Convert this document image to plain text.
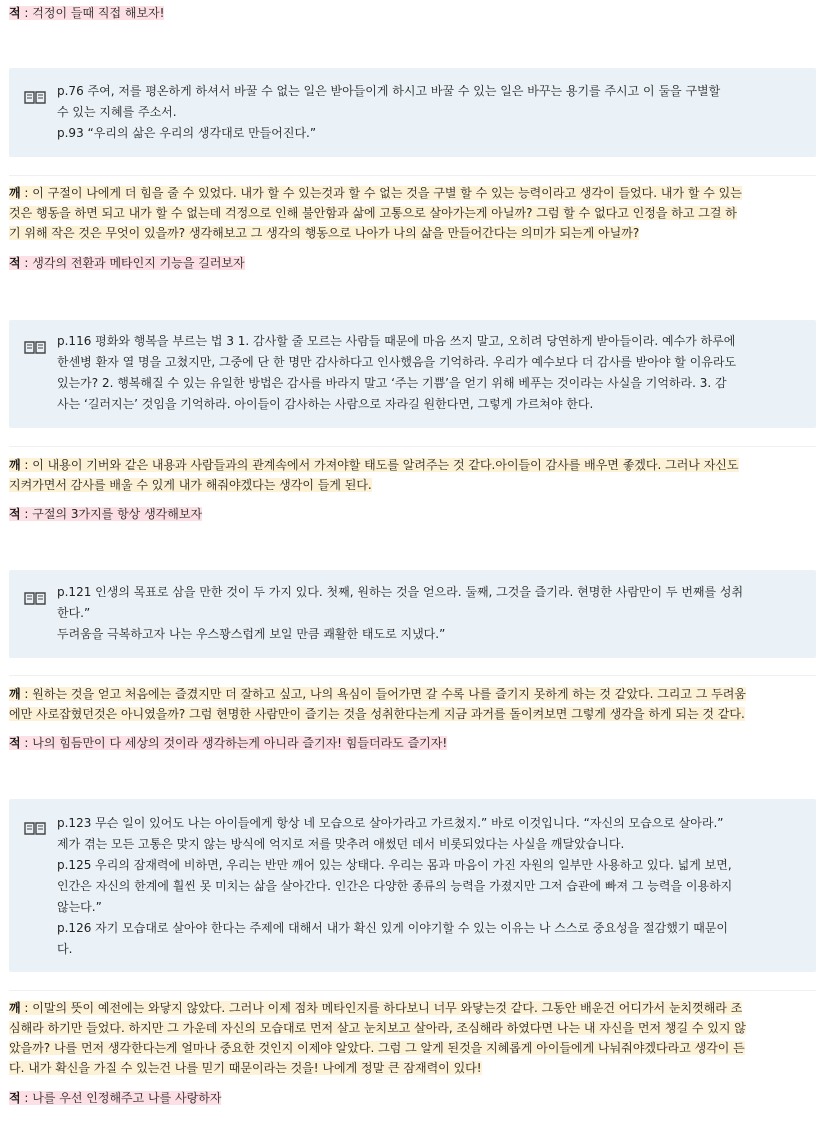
적 : 걱정이 들때 직접 해보자!
p.76 주여, 저를 평온하게 하셔서 바꿀 수 없는 일은 받아들이게 하시고 바꿀 수 있는 일은 바꾸는 용기를 주시고 이 둘을 구별할
수 있는 지혜를 주소서.
p.93 “우리의 삶은 우리의 생각대로 만들어진다.”
깨 : 이 구절이 나에게 더 힘을 줄 수 있었다. 내가 할 수 있는것과 할 수 없는 것을 구별 할 수 있는 능력이라고 생각이 들었다. 내가 할 수 있는
것은 행동을 하면 되고 내가 할 수 없는데 걱정으로 인해 불안함과 삶에 고통으로 살아가는게 아닐까? 그럼 할 수 없다고 인정을 하고 그걸 하
기 위해 작은 것은 무엇이 있을까? 생각해보고 그 생각의 행동으로 나아가 나의 삶을 만들어간다는 의미가 되는게 아닐까?
적 : 생각의 전환과 메타인지 기능을 길러보자
p.116 평화와 행복을 부르는 법 3 1. 감사할 줄 모르는 사람들 때문에 마음 쓰지 말고, 오히려 당연하게 받아들이라. 예수가 하루에
한센병 환자 열 명을 고쳤지만, 그중에 단 한 명만 감사하다고 인사했음을 기억하라. 우리가 예수보다 더 감사를 받아야 할 이유라도
있는가? 2. 행복해질 수 있는 유일한 방법은 감사를 바라지 말고 ‘주는 기쁨’을 얻기 위해 베푸는 것이라는 사실을 기억하라. 3. 감
사는 ‘길러지는’ 것임을 기억하라. 아이들이 감사하는 사람으로 자라길 원한다면, 그렇게 가르쳐야 한다.
깨 : 이 내용이 기버와 같은 내용과 사람들과의 관계속에서 가져야할 태도를 알려주는 것 같다.아이들이 감사를 배우면 좋겠다. 그러나 자신도
지켜가면서 감사를 배울 수 있게 내가 해줘야겠다는 생각이 들게 된다.
적 : 구절의 3가지를 항상 생각해보자
p.121 인생의 목표로 삼을 만한 것이 두 가지 있다. 첫째, 원하는 것을 얻으라. 둘째, 그것을 즐기라. 현명한 사람만이 두 번째를 성취
한다.”
두려움을 극복하고자 나는 우스꽝스럽게 보일 만큼 쾌활한 태도로 지냈다.”
깨 : 원하는 것을 얻고 처음에는 즐겼지만 더 잘하고 싶고, 나의 욕심이 들어가면 갈 수록 나를 즐기지 못하게 하는 것 같았다. 그리고 그 두려움
에만 사로잡혔던것은 아니였을까? 그럼 현명한 사람만이 즐기는 것을 성취한다는게 지금 과거를 돌이켜보면 그렇게 생각을 하게 되는 것 같다.
적 : 나의 힘듬만이 다 세상의 것이라 생각하는게 아니라 즐기자! 힘들더라도 즐기자!
p.123 무슨 일이 있어도 나는 아이들에게 항상 네 모습으로 살아가라고 가르쳤지.” 바로 이것입니다. “자신의 모습으로 살아라.”
제가 겪는 모든 고통은 맞지 않는 방식에 억지로 저를 맞추려 애썼던 데서 비롯되었다는 사실을 깨달았습니다.
p.125 우리의 잠재력에 비하면, 우리는 반만 깨어 있는 상태다. 우리는 몸과 마음이 가진 자원의 일부만 사용하고 있다. 넓게 보면,
인간은 자신의 한계에 훨씬 못 미치는 삶을 살아간다. 인간은 다양한 종류의 능력을 가졌지만 그저 습관에 빠져 그 능력을 이용하지
않는다.”
p.126 자기 모습대로 살아야 한다는 주제에 대해서 내가 확신 있게 이야기할 수 있는 이유는 나 스스로 중요성을 절감했기 때문이
다.
깨 : 이말의 뜻이 예전에는 와닿지 않았다. 그러나 이제 점차 메타인지를 하다보니 너무 와닿는것 같다. 그동안 배운건 어디가서 눈치껏해라 조
심해라 하기만 들었다. 하지만 그 가운데 자신의 모습대로 먼저 살고 눈치보고 살아라, 조심해라 하였다면 나는 내 자신을 먼저 챙길 수 있지 않
았을까? 나를 먼저 생각한다는게 얼마나 중요한 것인지 이제야 알았다. 그럼 그 알게 된것을 지혜롭게 아이들에게 나눠줘야겠다라고 생각이 든
다. 내가 확신을 가질 수 있는건 나를 믿기 때문이라는 것을! 나에게 정말 큰 잠재력이 있다!
적 : 나를 우선 인정해주고 나를 사랑하자
